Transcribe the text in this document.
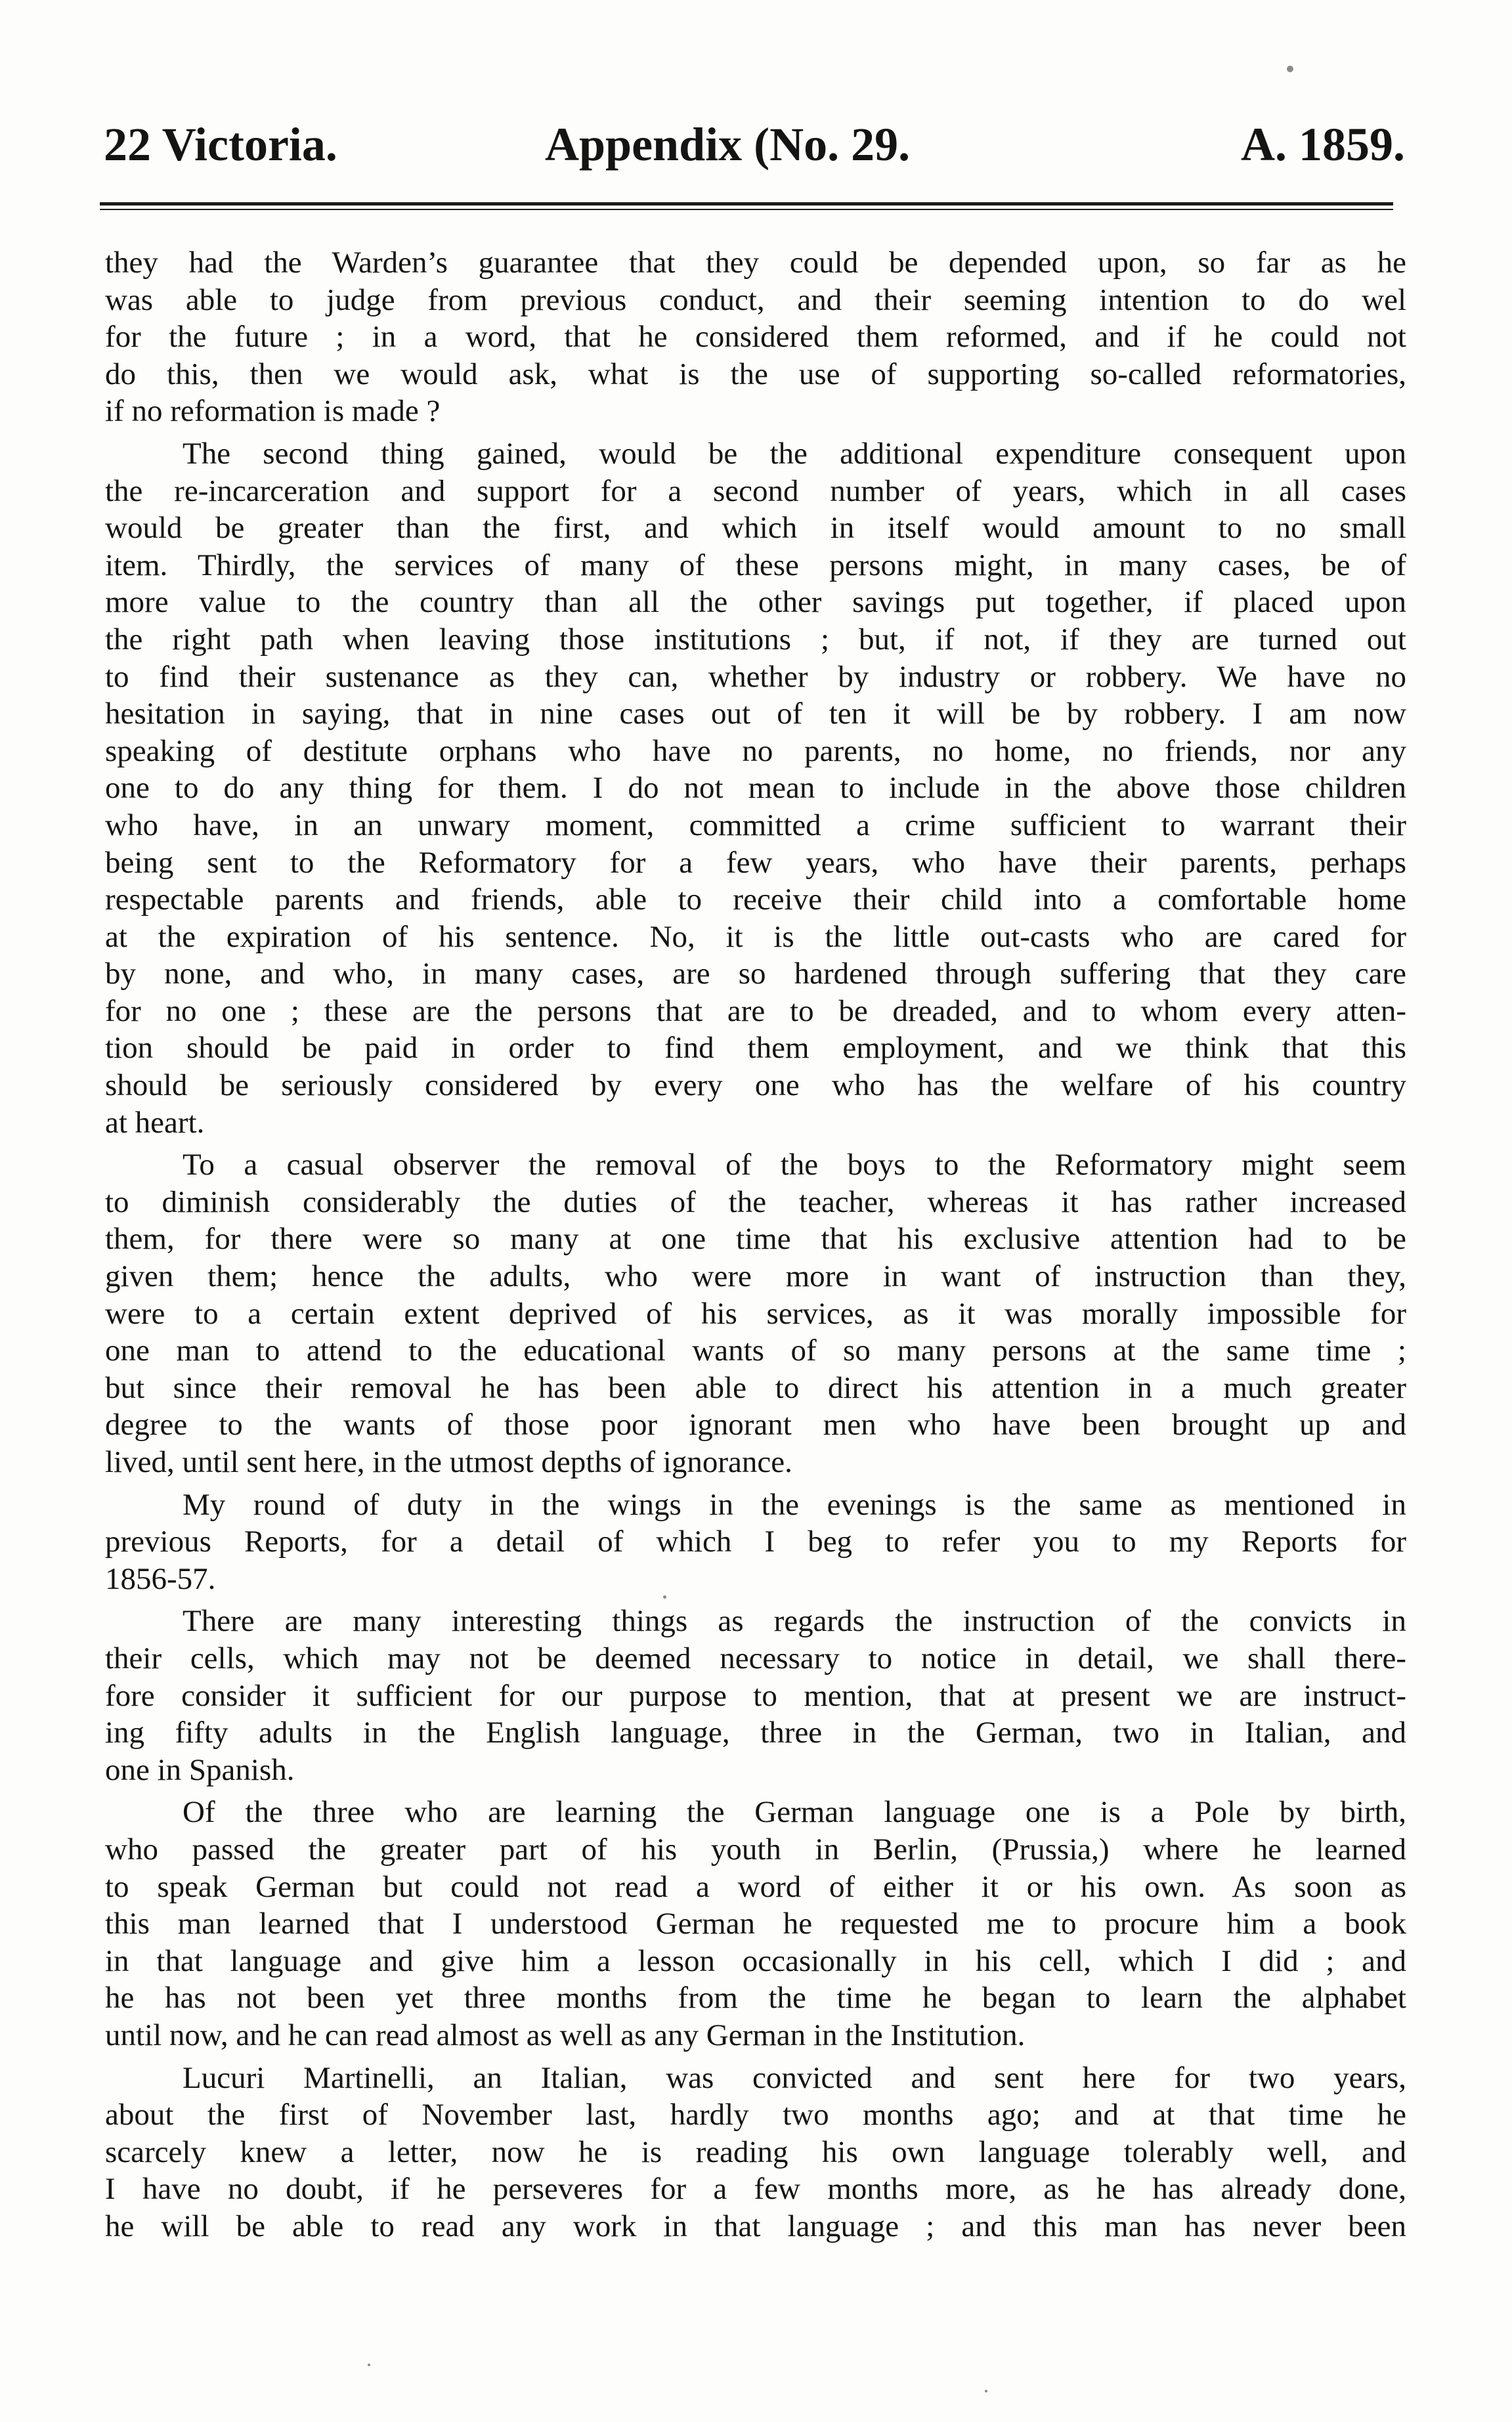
22 Victoria.	Appendix (No. 29.	A. 1859.
they had the Warden’s guarantee that they could be depended upon, so far as he
was able to judge from previous conduct, and their seeming intention to do wel
for the future ; in a word, that he considered them reformed, and if he could not
do this, then we would ask, what is the use of supporting so-called reformatories,
if no reformation is made ?
The second thing gained, would be the additional expenditure consequent upon
the re-incarceration and support for a second number of years, which in all cases
would be greater than the first, and which in itself would amount to no small
item. Thirdly, the services of many of these persons might, in many cases, be of
more value to the country than all the other savings put together, if placed upon
the right path when leaving those institutions ; but, if not, if they are turned out
to find their sustenance as they can, whether by industry or robbery. We have no
hesitation in saying, that in nine cases out of ten it will be by robbery. I am now
speaking of destitute orphans who have no parents, no home, no friends, nor any
one to do any thing for them. I do not mean to include in the above those children
who have, in an unwary moment, committed a crime sufficient to warrant their
being sent to the Reformatory for a few years, who have their parents, perhaps
respectable parents and friends, able to receive their child into a comfortable home
at the expiration of his sentence. No, it is the little out-casts who are cared for
by none, and who, in many cases, are so hardened through suffering that they care
for no one ; these are the persons that are to be dreaded, and to whom every atten-
tion should be paid in order to find them employment, and we think that this
should be seriously considered by every one who has the welfare of his country
at heart.
To a casual observer the removal of the boys to the Reformatory might seem
to diminish considerably the duties of the teacher, whereas it has rather increased
them, for there were so many at one time that his exclusive attention had to be
given them; hence the adults, who were more in want of instruction than they,
were to a certain extent deprived of his services, as it was morally impossible for
one man to attend to the educational wants of so many persons at the same time ;
but since their removal he has been able to direct his attention in a much greater
degree to the wants of those poor ignorant men who have been brought up and
lived, until sent here, in the utmost depths of ignorance.
My round of duty in the wings in the evenings is the same as mentioned in
previous Reports, for a detail of which I beg to refer you to my Reports for
1856-57.
There are many interesting things as regards the instruction of the convicts in
their cells, which may not be deemed necessary to notice in detail, we shall there-
fore consider it sufficient for our purpose to mention, that at present we are instruct-
ing fifty adults in the English language, three in the German, two in Italian, and
one in Spanish.
Of the three who are learning the German language one is a Pole by birth,
who passed the greater part of his youth in Berlin, (Prussia,) where he learned
to speak German but could not read a word of either it or his own. As soon as
this man learned that I understood German he requested me to procure him a book
in that language and give him a lesson occasionally in his cell, which I did ; and
he has not been yet three months from the time he began to learn the alphabet
until now, and he can read almost as well as any German in the Institution.
Lucuri Martinelli, an Italian, was convicted and sent here for two years,
about the first of November last, hardly two months ago; and at that time he
scarcely knew a letter, now he is reading his own language tolerably well, and
I have no doubt, if he perseveres for a few months more, as he has already done,
he will be able to read any work in that language ; and this man has never been
